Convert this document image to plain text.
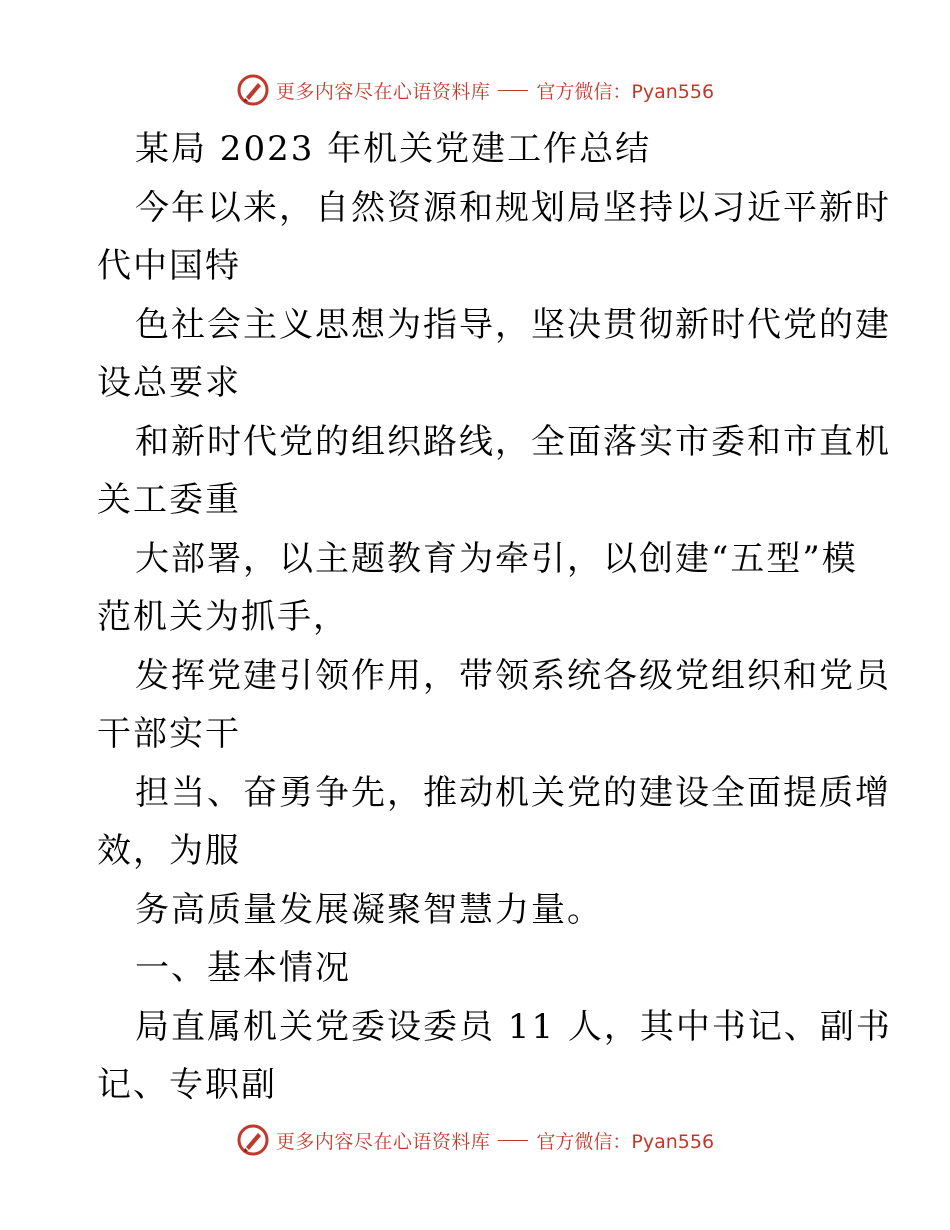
更多内容尽在心语资料库 官方微信：Pyan556
某局 2023 年机关党建工作总结
今年以来，自然资源和规划局坚持以习近平新时
代中国特
色社会主义思想为指导，坚决贯彻新时代党的建
设总要求
和新时代党的组织路线，全面落实市委和市直机
关工委重
大部署，以主题教育为牵引，以创建“五型”模
范机关为抓手，
发挥党建引领作用，带领系统各级党组织和党员
干部实干
担当、奋勇争先，推动机关党的建设全面提质增
效，为服
务高质量发展凝聚智慧力量。
一、基本情况
局直属机关党委设委员 11 人，其中书记、副书
记、专职副
更多内容尽在心语资料库 官方微信：Pyan556
